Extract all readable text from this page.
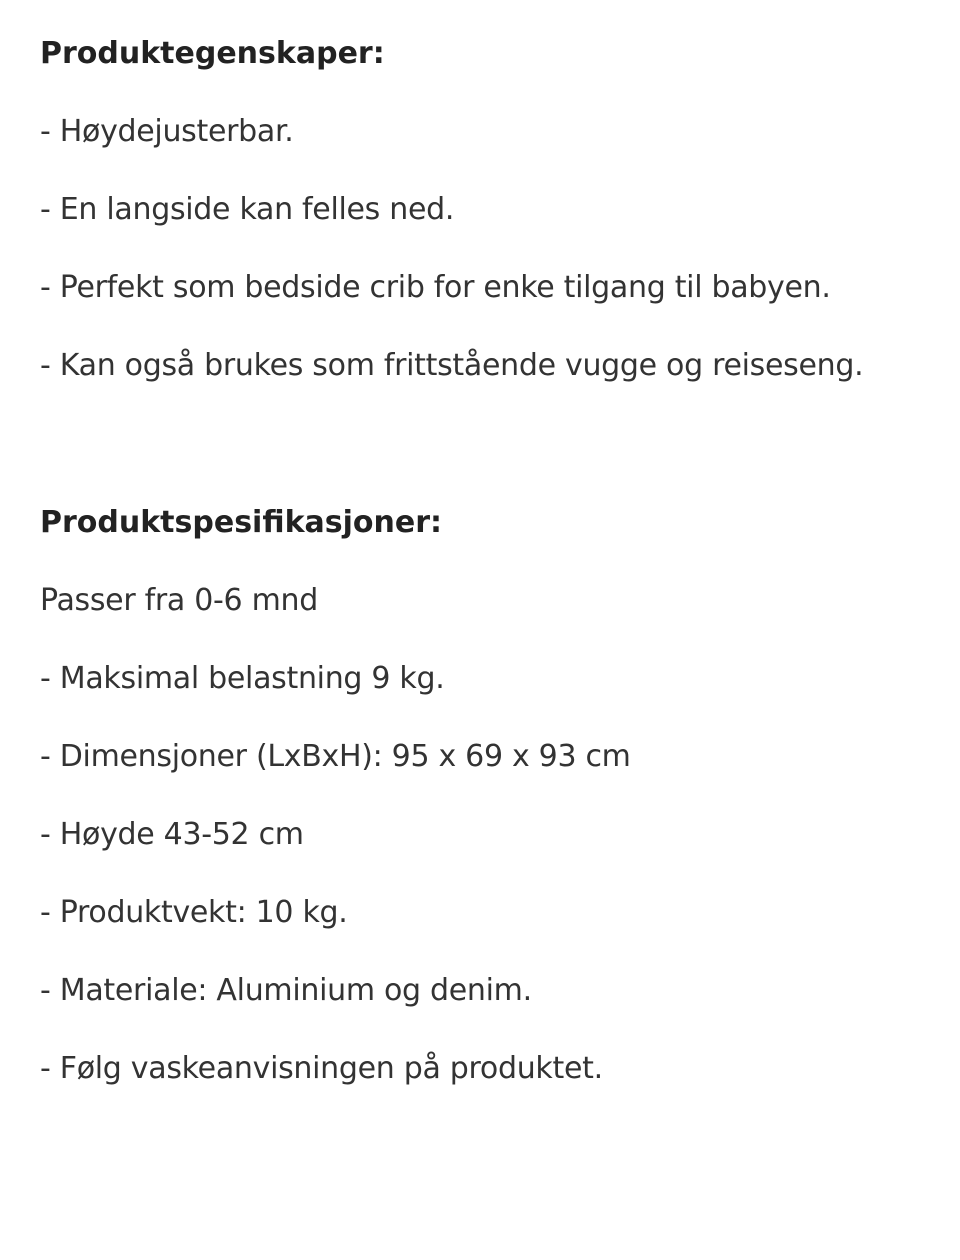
Produktegenskaper:
- Høydejusterbar.
- En langside kan felles ned.
- Perfekt som bedside crib for enke tilgang til babyen.
- Kan også brukes som frittstående vugge og reiseseng.
Produktspesifikasjoner:
Passer fra 0-6 mnd
- Maksimal belastning 9 kg.
- Dimensjoner (LxBxH): 95 x 69 x 93 cm
- Høyde 43-52 cm
- Produktvekt: 10 kg.
- Materiale: Aluminium og denim.
- Følg vaskeanvisningen på produktet.
